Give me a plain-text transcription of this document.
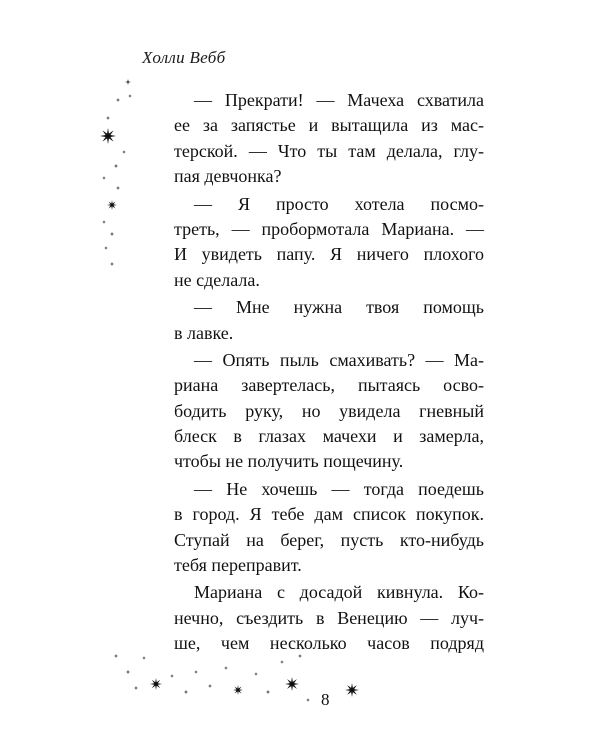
Холли Вебб
— Прекрати! — Мачеха схватила
ее за запястье и вытащила из мас-
терской. — Что ты там делала, глу-
пая девчонка?
— Я просто хотела посмо-
треть, — пробормотала Мариана. —
И увидеть папу. Я ничего плохого
не сделала.
— Мне нужна твоя помощь
в лавке.
— Опять пыль смахивать? — Ма-
риана завертелась, пытаясь осво-
бодить руку, но увидела гневный
блеск в глазах мачехи и замерла,
чтобы не получить пощечину.
— Не хочешь — тогда поедешь
в город. Я тебе дам список покупок.
Ступай на берег, пусть кто-нибудь
тебя переправит.
Мариана с досадой кивнула. Ко-
нечно, съездить в Венецию — луч-
ше, чем несколько часов подряд
8
